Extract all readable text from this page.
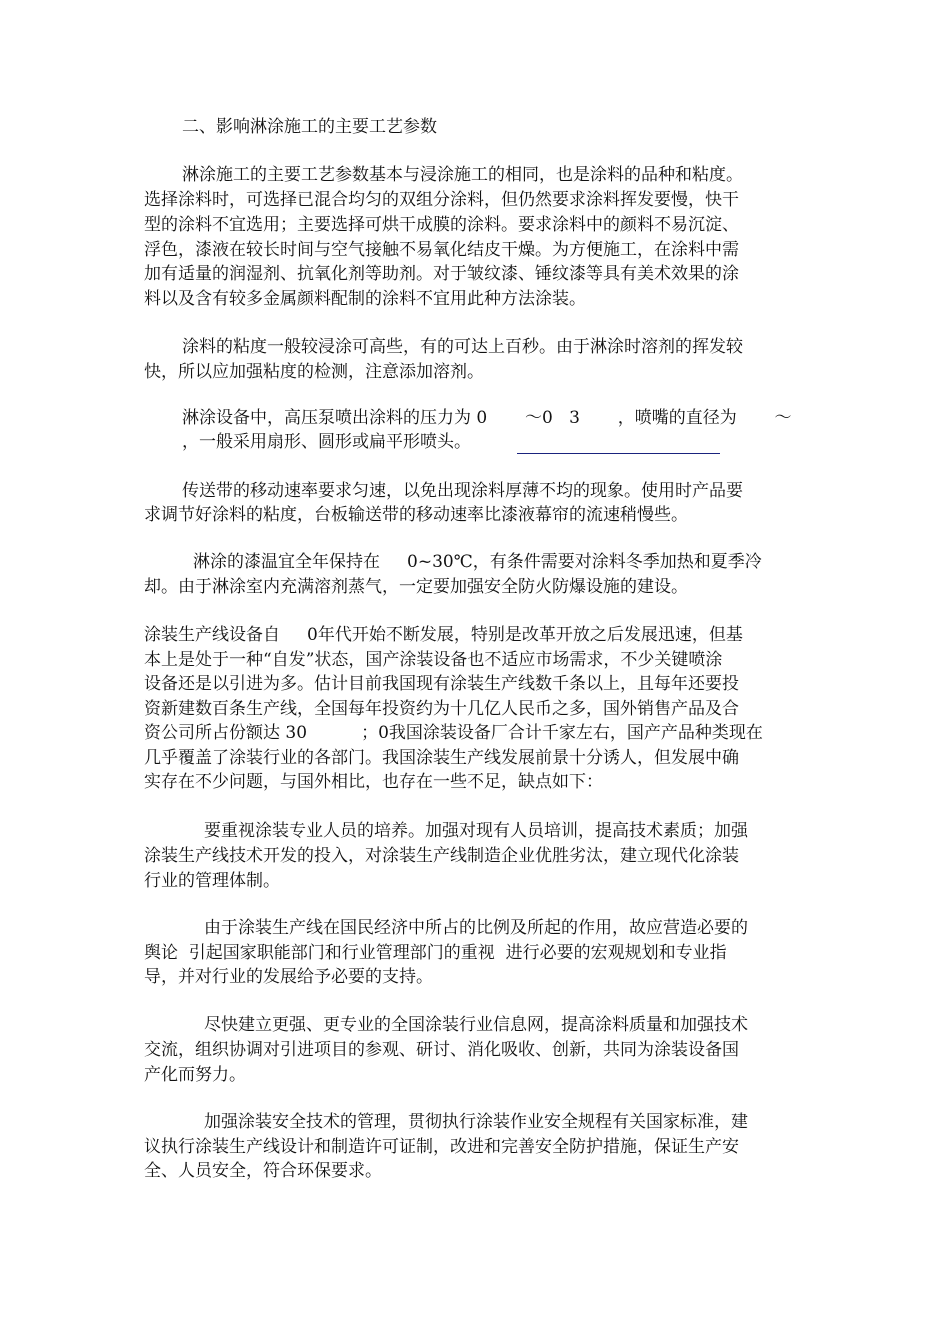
二、影响淋涂施工的主要工艺参数
淋涂施工的主要工艺参数基本与浸涂施工的相同，也是涂料的品种和粘度。
选择涂料时，可选择已混合均匀的双组分涂料，但仍然要求涂料挥发要慢，快干
型的涂料不宜选用；主要选择可烘干成膜的涂料。要求涂料中的颜料不易沉淀、
浮色，漆液在较长时间与空气接触不易氧化结皮干燥。为方便施工，在涂料中需
加有适量的润湿剂、抗氧化剂等助剂。对于皱纹漆、锤纹漆等具有美术效果的涂
料以及含有较多金属颜料配制的涂料不宜用此种方法涂装。
涂料的粘度一般较浸涂可高些，有的可达上百秒。由于淋涂时溶剂的挥发较
快，所以应加强粘度的检测，注意添加溶剂。
淋涂设备中，高压泵喷出涂料的压力为 0       ～0   3       ，喷嘴的直径为       ～
，一般采用扇形、圆形或扁平形喷头。
传送带的移动速率要求匀速，以免出现涂料厚薄不均的现象。使用时产品要
求调节好涂料的粘度，台板输送带的移动速率比漆液幕帘的流速稍慢些。
淋涂的漆温宜全年保持在     0~30℃，有条件需要对涂料冬季加热和夏季冷
却。由于淋涂室内充满溶剂蒸气，一定要加强安全防火防爆设施的建设。
涂装生产线设备自     0年代开始不断发展，特别是改革开放之后发展迅速，但基
本上是处于一种“自发”状态，国产涂装设备也不适应市场需求，不少关键喷涂
设备还是以引进为多。估计目前我国现有涂装生产线数千条以上，且每年还要投
资新建数百条生产线，全国每年投资约为十几亿人民币之多，国外销售产品及合
资公司所占份额达 30          ；0我国涂装设备厂合计千家左右，国产产品种类现在
几乎覆盖了涂装行业的各部门。我国涂装生产线发展前景十分诱人，但发展中确
实存在不少问题，与国外相比，也存在一些不足，缺点如下：
要重视涂装专业人员的培养。加强对现有人员培训，提高技术素质；加强
涂装生产线技术开发的投入，对涂装生产线制造企业优胜劣汰，建立现代化涂装
行业的管理体制。
由于涂装生产线在国民经济中所占的比例及所起的作用，故应营造必要的
舆论  引起国家职能部门和行业管理部门的重视  进行必要的宏观规划和专业指
导，并对行业的发展给予必要的支持。
尽快建立更强、更专业的全国涂装行业信息网，提高涂料质量和加强技术
交流，组织协调对引进项目的参观、研讨、消化吸收、创新，共同为涂装设备国
产化而努力。
加强涂装安全技术的管理，贯彻执行涂装作业安全规程有关国家标准，建
议执行涂装生产线设计和制造许可证制，改进和完善安全防护措施，保证生产安
全、人员安全，符合环保要求。
